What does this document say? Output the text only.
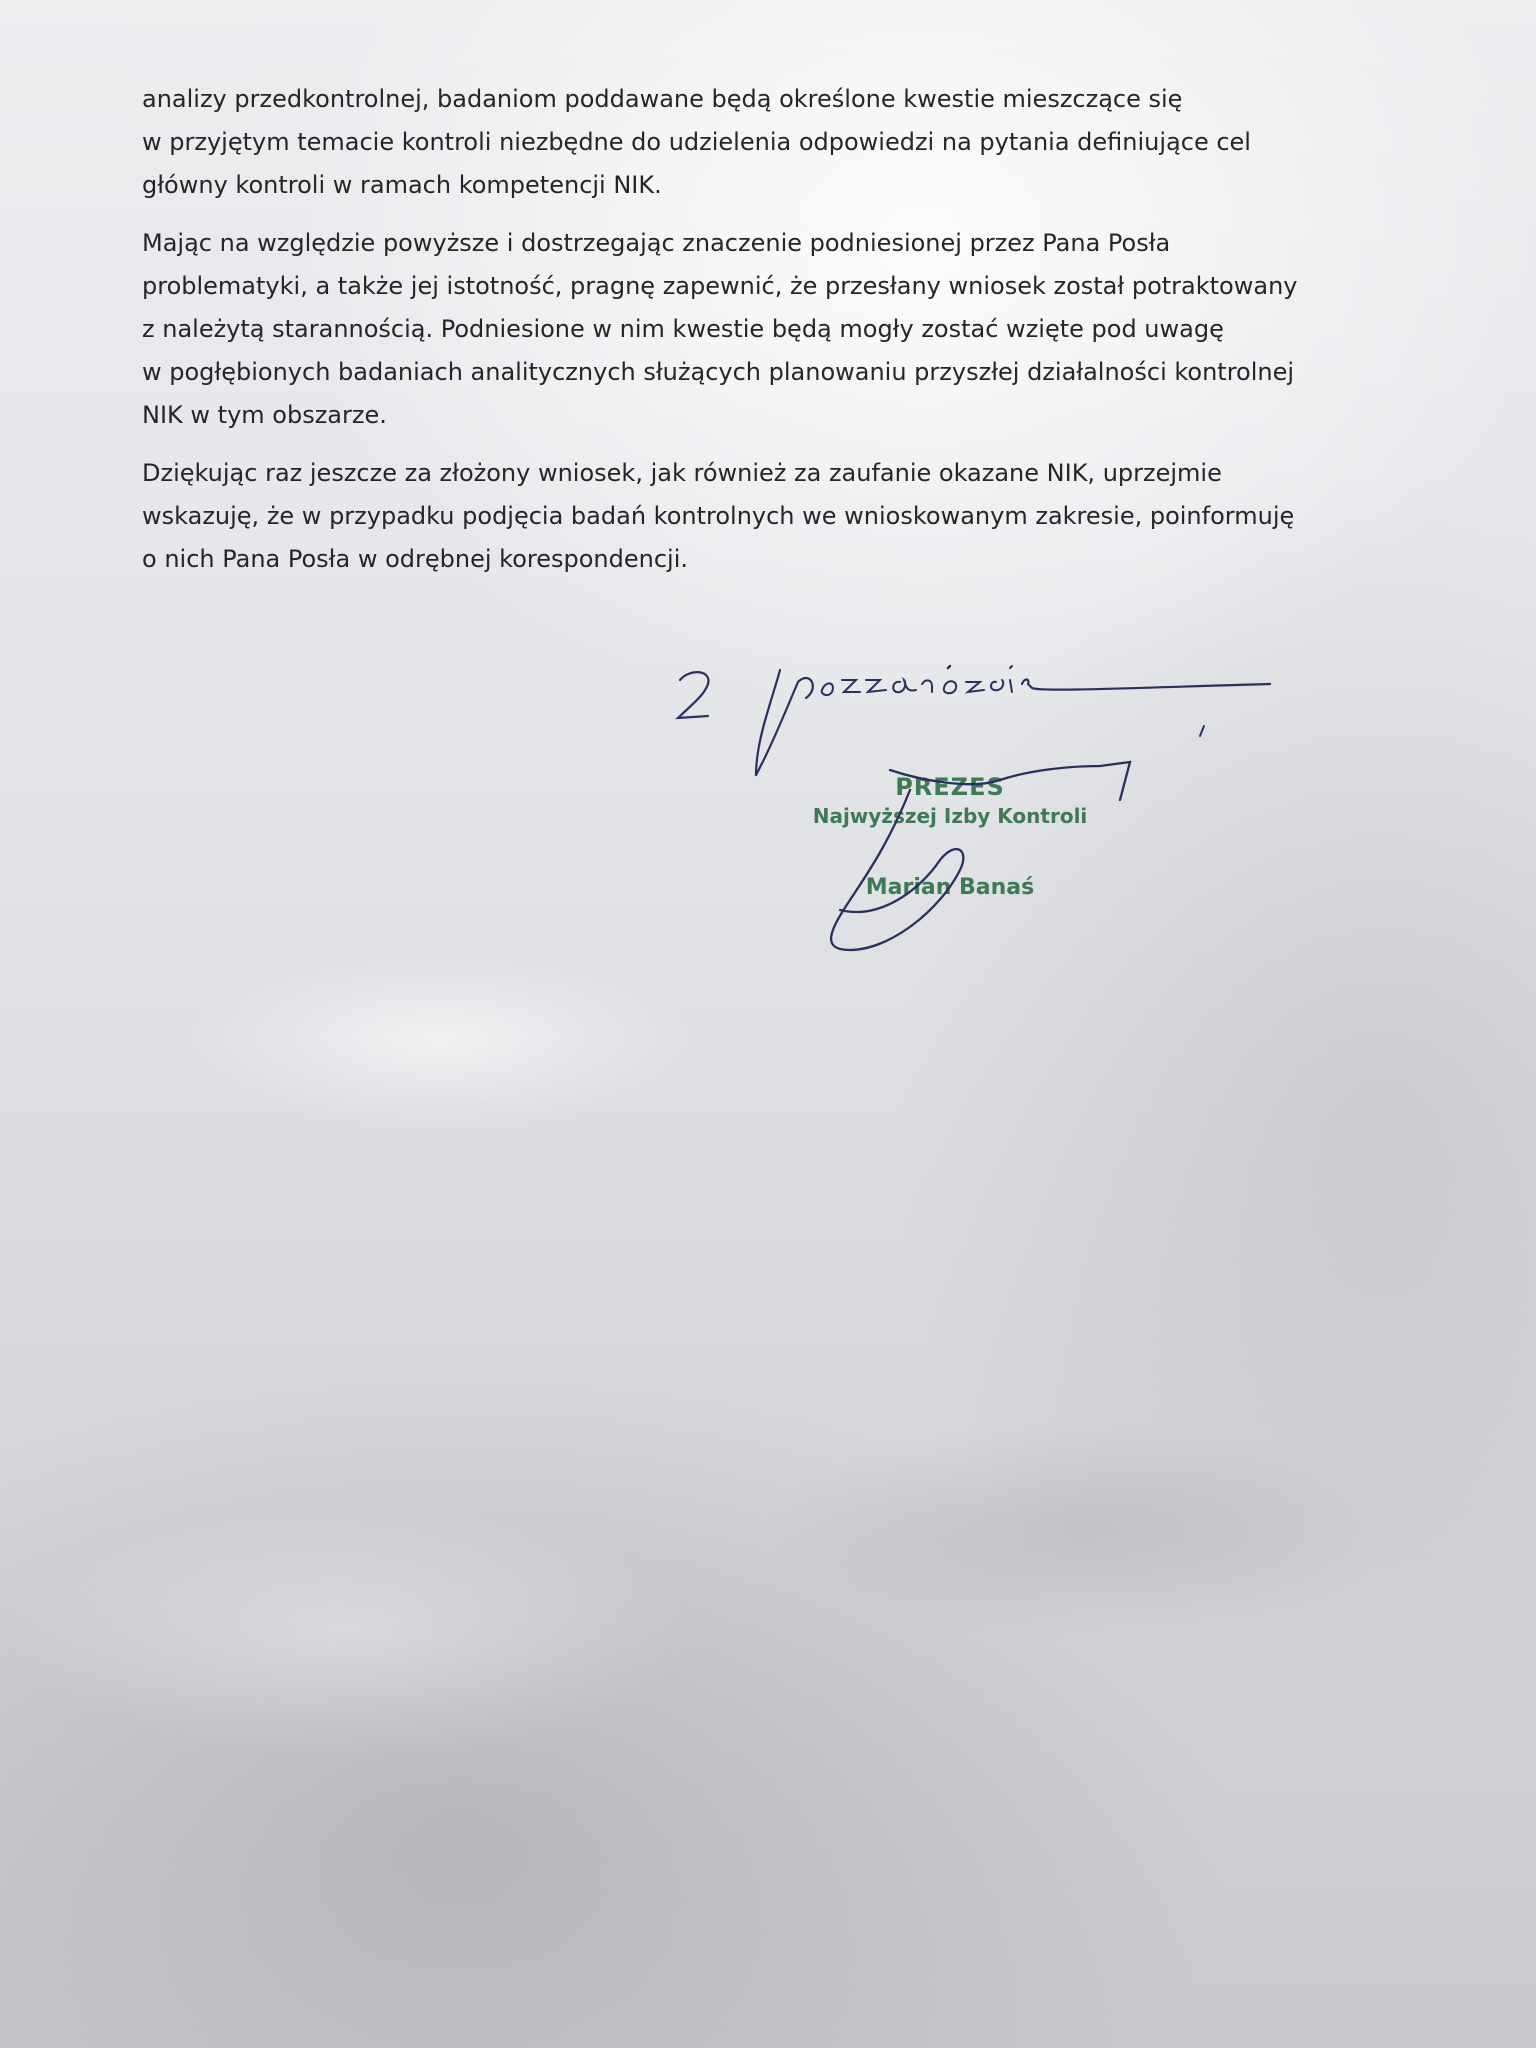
analizy przedkontrolnej, badaniom poddawane będą określone kwestie mieszczące się
w przyjętym temacie kontroli niezbędne do udzielenia odpowiedzi na pytania definiujące cel
główny kontroli w ramach kompetencji NIK.

Mając na względzie powyższe i dostrzegając znaczenie podniesionej przez Pana Posła
problematyki, a także jej istotność, pragnę zapewnić, że przesłany wniosek został potraktowany
z należytą starannością. Podniesione w nim kwestie będą mogły zostać wzięte pod uwagę
w pogłębionych badaniach analitycznych służących planowaniu przyszłej działalności kontrolnej
NIK w tym obszarze.

Dziękując raz jeszcze za złożony wniosek, jak również za zaufanie okazane NIK, uprzejmie
wskazuję, że w przypadku podjęcia badań kontrolnych we wnioskowanym zakresie, poinformuję
o nich Pana Posła w odrębnej korespondencji.

PREZES
Najwyższej Izby Kontroli
Marian Banaś
